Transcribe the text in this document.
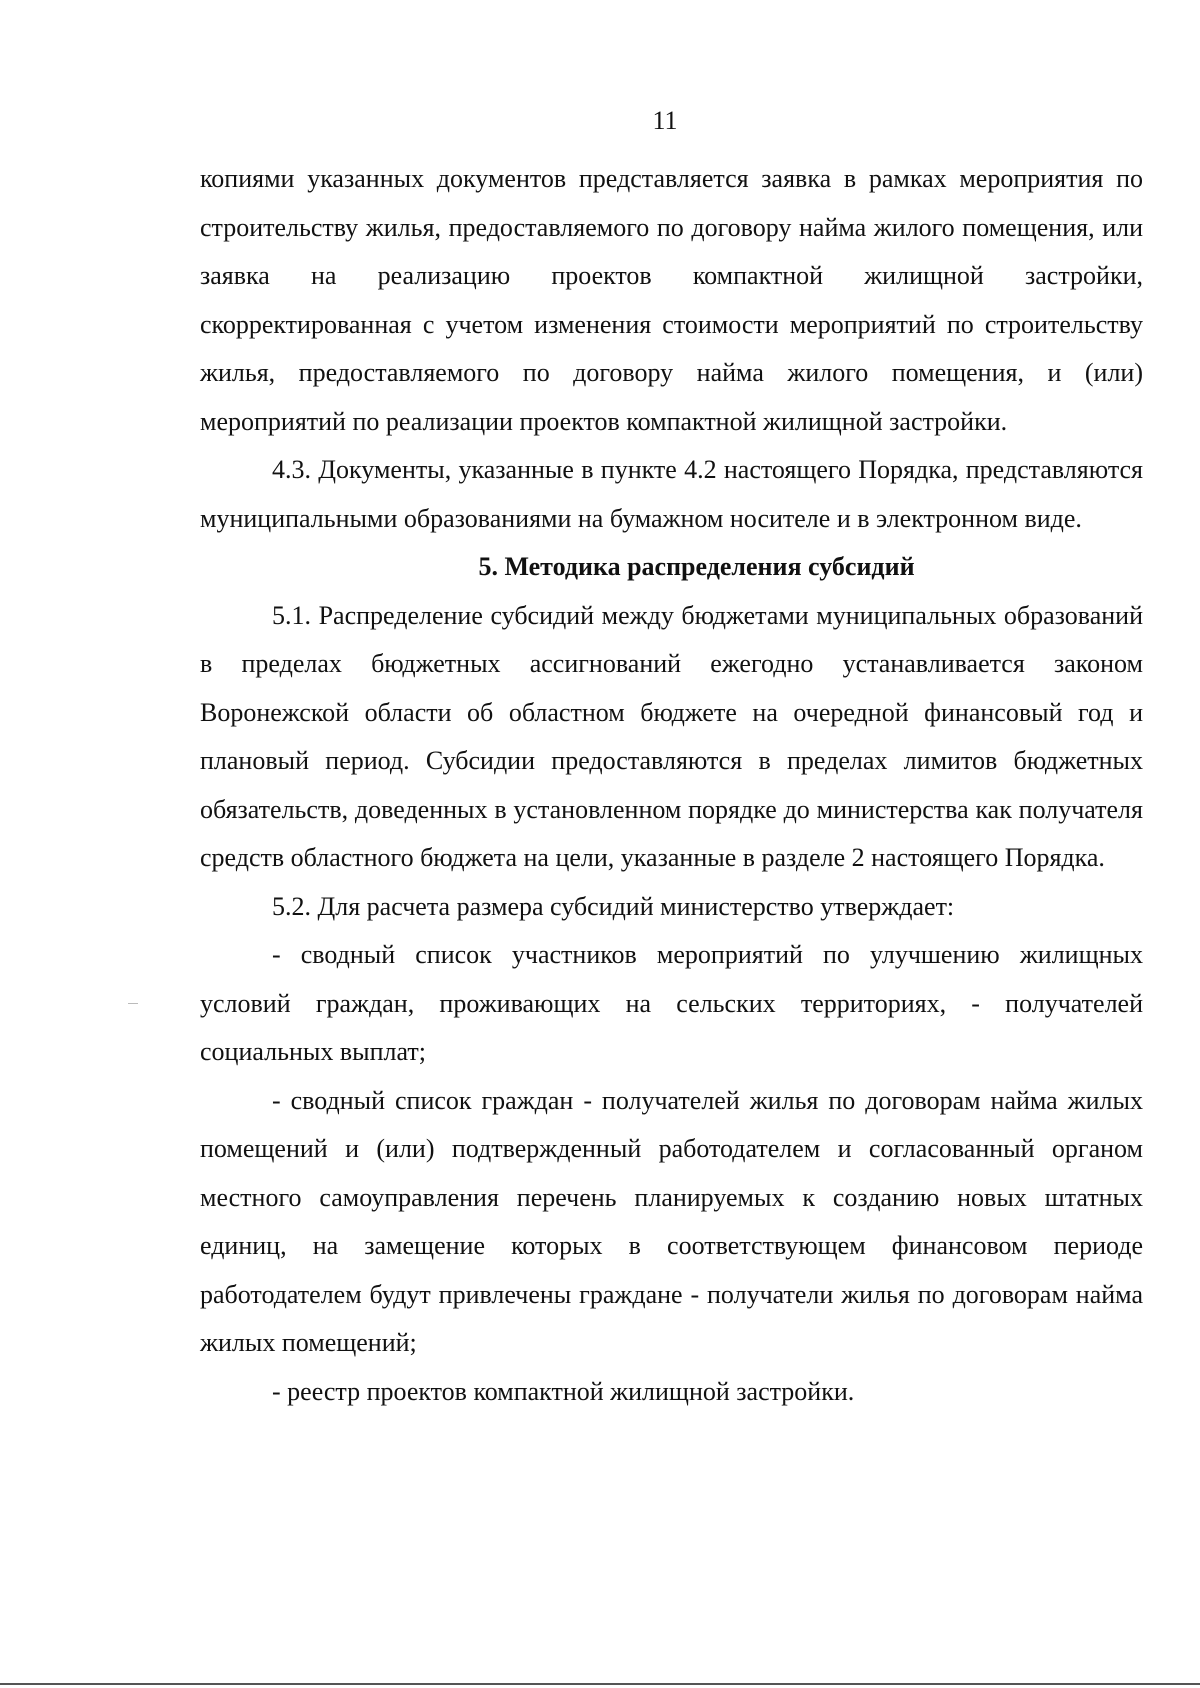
11

копиями указанных документов представляется заявка в рамках мероприятия по строительству жилья, предоставляемого по договору найма жилого помещения, или заявка на реализацию проектов компактной жилищной застройки, скорректированная с учетом изменения стоимости мероприятий по строительству жилья, предоставляемого по договору найма жилого помещения, и (или) мероприятий по реализации проектов компактной жилищной застройки.

4.3. Документы, указанные в пункте 4.2 настоящего Порядка, представляются муниципальными образованиями на бумажном носителе и в электронном виде.

5. Методика распределения субсидий

5.1. Распределение субсидий между бюджетами муниципальных образований в пределах бюджетных ассигнований ежегодно устанавливается законом Воронежской области об областном бюджете на очередной финансовый год и плановый период. Субсидии предоставляются в пределах лимитов бюджетных обязательств, доведенных в установленном порядке до министерства как получателя средств областного бюджета на цели, указанные в разделе 2 настоящего Порядка.

5.2. Для расчета размера субсидий министерство утверждает:

- сводный список участников мероприятий по улучшению жилищных условий граждан, проживающих на сельских территориях, - получателей социальных выплат;

- сводный список граждан - получателей жилья по договорам найма жилых помещений и (или) подтвержденный работодателем и согласованный органом местного самоуправления перечень планируемых к созданию новых штатных единиц, на замещение которых в соответствующем финансовом периоде работодателем будут привлечены граждане - получатели жилья по договорам найма жилых помещений;

- реестр проектов компактной жилищной застройки.
